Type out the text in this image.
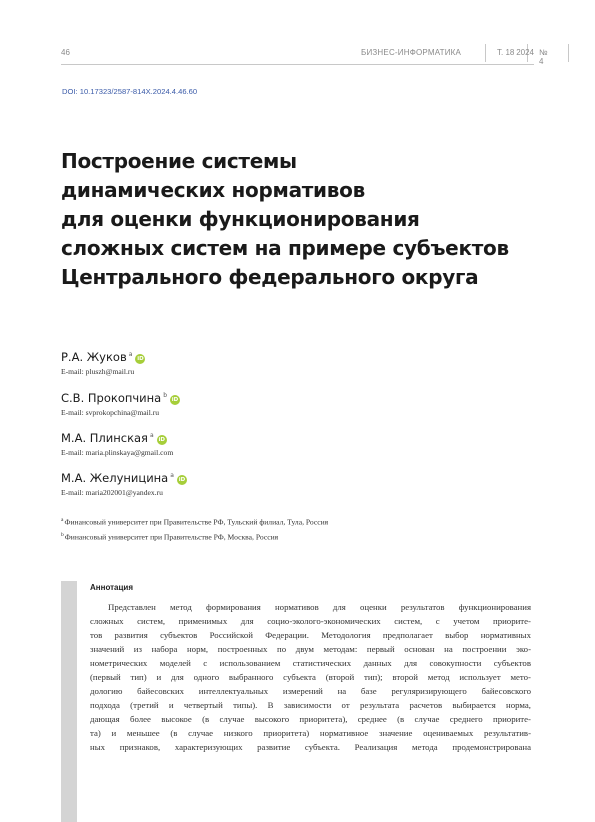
46	БИЗНЕС-ИНФОРМАТИКА	Т. 18	№ 4
2024
DOI: 10.17323/2587-814X.2024.4.46.60
Построение системы
динамических нормативов
для оценки функционирования
сложных систем на примере субъектов
Центрального федерального округа
Р.А. Жуков $^a$iD
E-mail: pluszh@mail.ru
С.В. Прокопчина $^b$iD
E-mail: svprokopchina@mail.ru
М.А. Плинская $^a$iD
E-mail: maria.plinskaya@gmail.com
М.А. Желуницина $^a$iD
E-mail: maria202001@yandex.ru
$^a$Финансовый университет при Правительстве РФ, Тульский филиал, Тула, Россия
$^b$Финансовый университет при Правительстве РФ, Москва, Россия
Аннотация
Представлен метод формирования нормативов для оценки результатов функционирования
сложных систем, применимых для социо-эколого-экономических систем, с учетом приорите-
тов развития субъектов Российской Федерации. Методология предполагает выбор нормативных
значений из набора норм, построенных по двум методам: первый основан на построении эко-
нометрических моделей с использованием статистических данных для совокупности субъектов
(первый тип) и для одного выбранного субъекта (второй тип); второй метод использует мето-
дологию байесовских интеллектуальных измерений на базе регуляризирующего байесовского
подхода (третий и четвертый типы). В зависимости от результата расчетов выбирается норма,
дающая более высокое (в случае высокого приоритета), среднее (в случае среднего приорите-
та) и меньшее (в случае низкого приоритета) нормативное значение оцениваемых результатив-
ных признаков, характеризующих развитие субъекта. Реализация метода продемонстрирована
